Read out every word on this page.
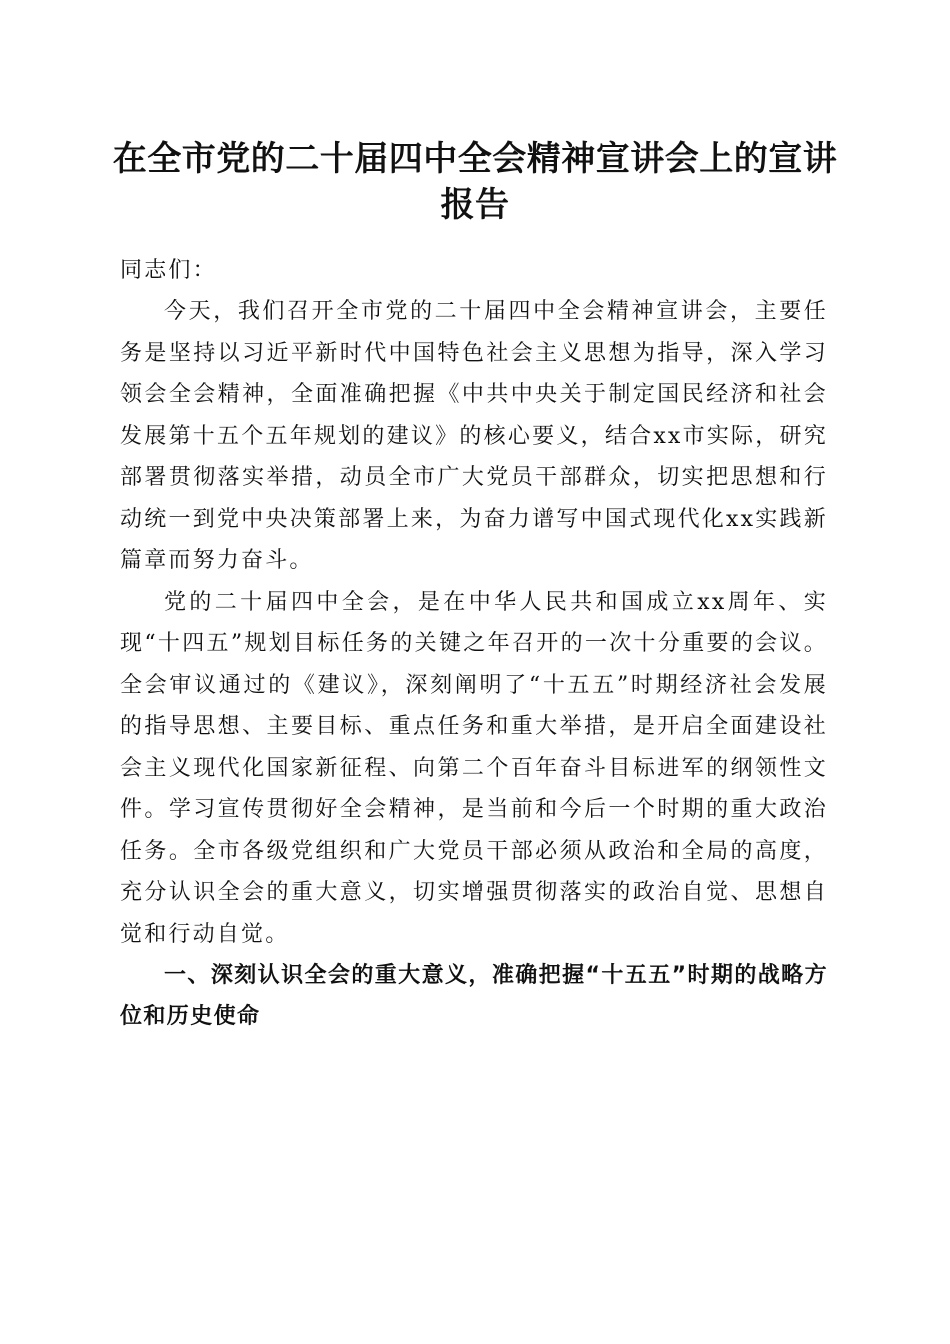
在全市党的二十届四中全会精神宣讲会上的宣讲报告

同志们：

今天，我们召开全市党的二十届四中全会精神宣讲会，主要任务是坚持以习近平新时代中国特色社会主义思想为指导，深入学习领会全会精神，全面准确把握《中共中央关于制定国民经济和社会发展第十五个五年规划的建议》的核心要义，结合xx市实际，研究部署贯彻落实举措，动员全市广大党员干部群众，切实把思想和行动统一到党中央决策部署上来，为奋力谱写中国式现代化xx实践新篇章而努力奋斗。

党的二十届四中全会，是在中华人民共和国成立xx周年、实现“十四五”规划目标任务的关键之年召开的一次十分重要的会议。全会审议通过的《建议》，深刻阐明了“十五五”时期经济社会发展的指导思想、主要目标、重点任务和重大举措，是开启全面建设社会主义现代化国家新征程、向第二个百年奋斗目标进军的纲领性文件。学习宣传贯彻好全会精神，是当前和今后一个时期的重大政治任务。全市各级党组织和广大党员干部必须从政治和全局的高度，充分认识全会的重大意义，切实增强贯彻落实的政治自觉、思想自觉和行动自觉。

一、深刻认识全会的重大意义，准确把握“十五五”时期的战略方位和历史使命
